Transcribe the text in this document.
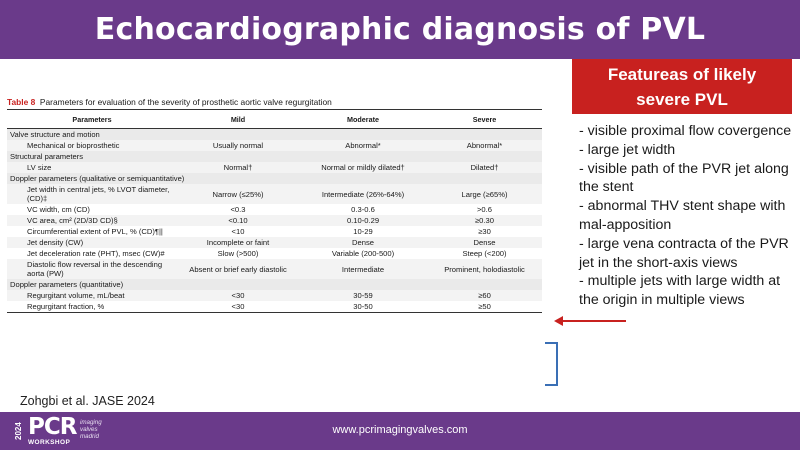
Echocardiographic diagnosis of PVL
Featureas of likely
severe PVL
- visible proximal flow covergence
- large jet width
- visible path of the PVR jet along the stent
- abnormal THV stent shape with mal-apposition
- large vena contracta of the PVR jet in the short-axis views
- multiple jets with large width at the origin in multiple views
Table 8 Parameters for evaluation of the severity of prosthetic aortic valve regurgitation
Parameters	Mild	Moderate	Severe
Valve structure and motion			
Mechanical or bioprosthetic	Usually normal	Abnormal*	Abnormal*
Structural parameters			
LV size	Normal†	Normal or mildly dilated†	Dilated†
Doppler parameters (qualitative or semiquantitative)			
Jet width in central jets, % LVOT diameter, (CD)‡	Narrow (≤25%)	Intermediate (26%-64%)	Large (≥65%)
VC width, cm (CD)	<0.3	0.3-0.6	>0.6
VC area, cm² (2D/3D CD)§	<0.10	0.10-0.29	≥0.30
Circumferential extent of PVL, % (CD)¶||	<10	10-29	≥30
Jet density (CW)	Incomplete or faint	Dense	Dense
Jet deceleration rate (PHT), msec (CW)#	Slow (>500)	Variable (200-500)	Steep (<200)
Diastolic flow reversal in the descending aorta (PW)	Absent or brief early diastolic	Intermediate	Prominent, holodiastolic
Doppler parameters (quantitative)			
Regurgitant volume, mL/beat	<30	30-59	≥60
Regurgitant fraction, %	<30	30-50	≥50
Zohgbi et al. JASE 2024
2024 PCR
WORKSHOP
imaging
valves
madrid
www.pcrimagingvalves.com
